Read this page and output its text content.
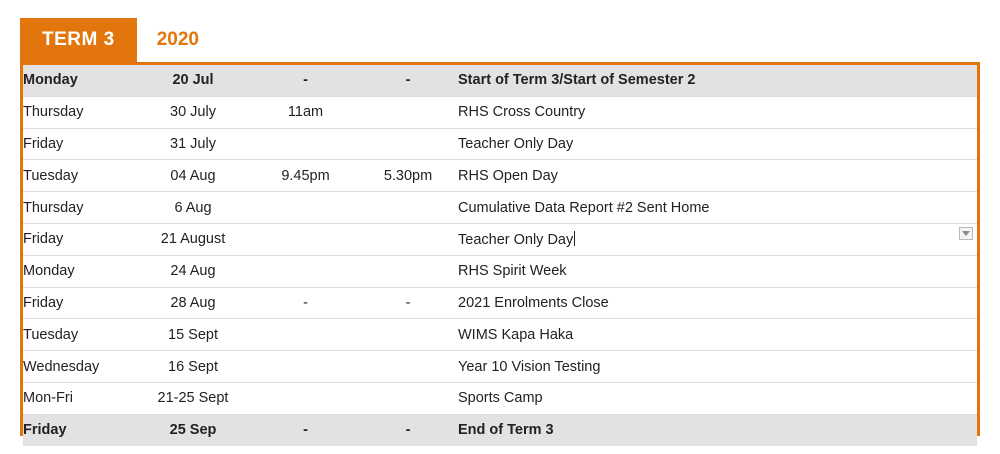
TERM 3	2020
Monday	20 Jul	-	-	Start of Term 3/Start of Semester 2
Thursday	30 July	11am		RHS Cross Country
Friday	31 July			Teacher Only Day
Tuesday	04 Aug	9.45pm	5.30pm	RHS Open Day
Thursday	6 Aug			Cumulative Data Report #2 Sent Home
Friday	21 August			Teacher Only Day
Monday	24 Aug			RHS Spirit Week
Friday	28 Aug	-	-	2021 Enrolments Close
Tuesday	15 Sept			WIMS Kapa Haka
Wednesday	16 Sept			Year 10 Vision Testing
Mon-Fri	21-25 Sept			Sports Camp
Friday	25 Sep	-	-	End of Term 3
